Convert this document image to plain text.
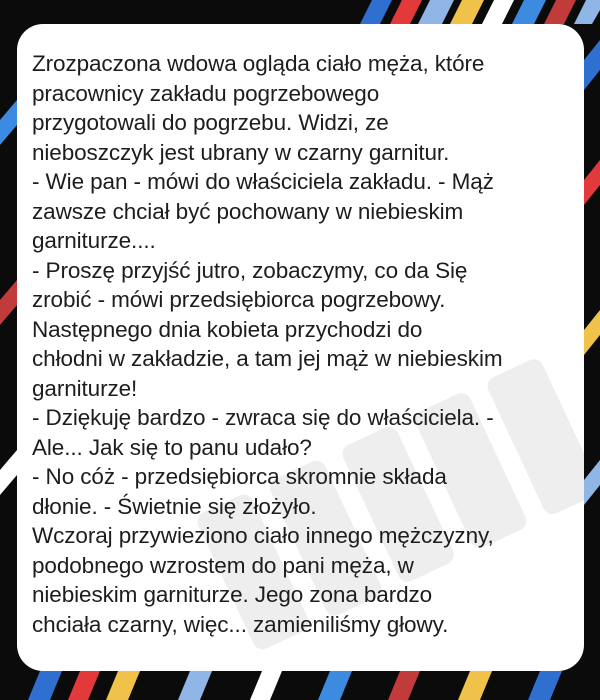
Zrozpaczona wdowa ogląda ciało męża, które
pracownicy zakładu pogrzebowego
przygotowali do pogrzebu. Widzi, ze
nieboszczyk jest ubrany w czarny garnitur.
- Wie pan - mówi do właściciela zakładu. - Mąż
zawsze chciał być pochowany w niebieskim
garniturze....
- Proszę przyjść jutro, zobaczymy, co da Się
zrobić - mówi przedsiębiorca pogrzebowy.
Następnego dnia kobieta przychodzi do
chłodni w zakładzie, a tam jej mąż w niebieskim
garniturze!
- Dziękuję bardzo - zwraca się do właściciela. -
Ale... Jak się to panu udało?
- No cóż - przedsiębiorca skromnie składa
dłonie. - Świetnie się złożyło.
Wczoraj przywieziono ciało innego mężczyzny,
podobnego wzrostem do pani męża, w
niebieskim garniturze. Jego zona bardzo
chciała czarny, więc... zamieniliśmy głowy.
